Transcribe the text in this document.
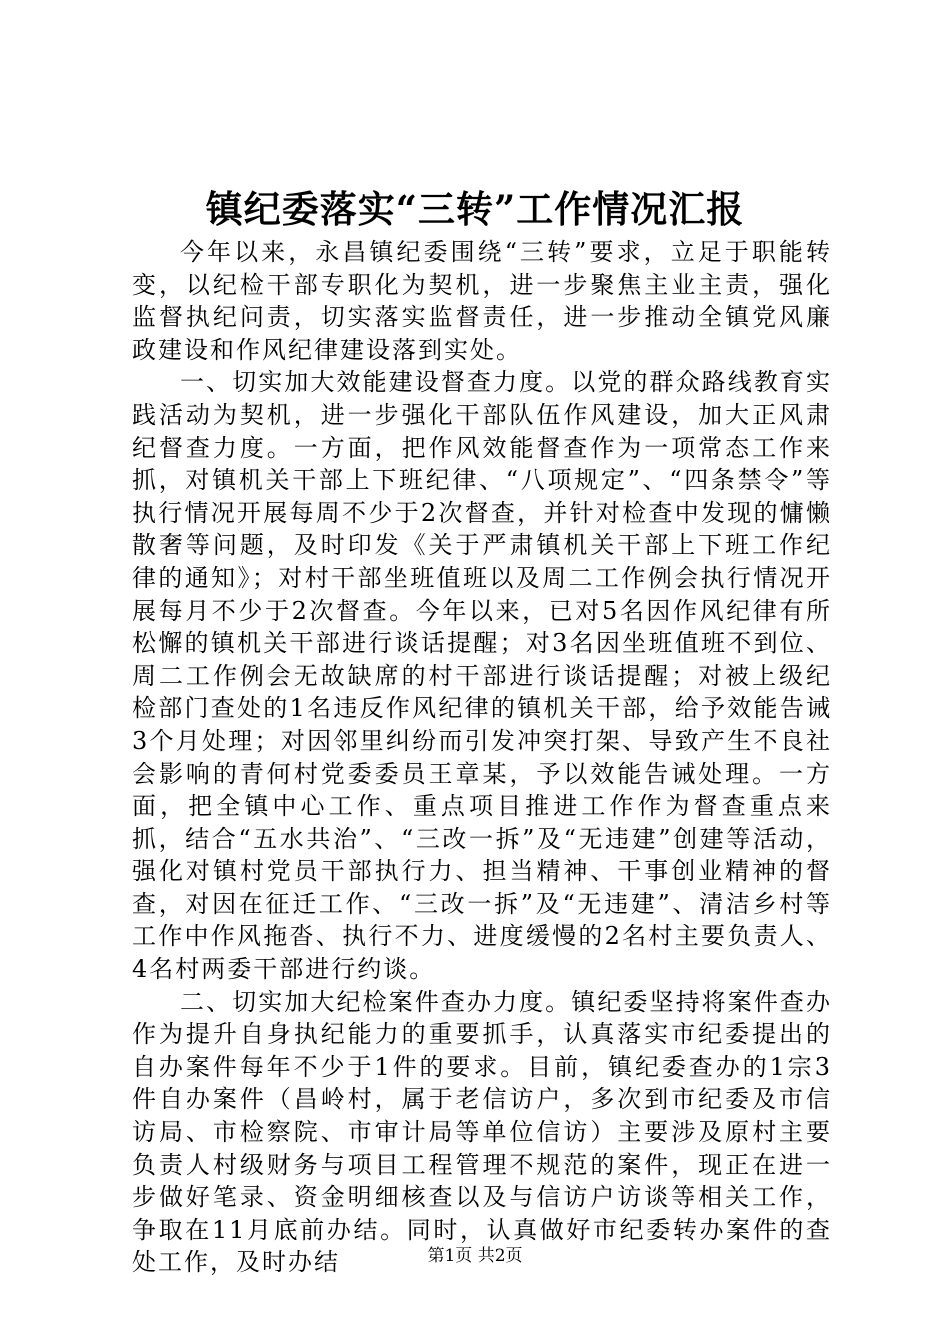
镇纪委落实“三转”工作情况汇报

今年以来，永昌镇纪委围绕“三转”要求，立足于职能转变，以纪检干部专职化为契机，进一步聚焦主业主责，强化监督执纪问责，切实落实监督责任，进一步推动全镇党风廉政建设和作风纪律建设落到实处。

一、切实加大效能建设督查力度。以党的群众路线教育实践活动为契机，进一步强化干部队伍作风建设，加大正风肃纪督查力度。一方面，把作风效能督查作为一项常态工作来抓，对镇机关干部上下班纪律、“八项规定”、“四条禁令”等执行情况开展每周不少于2次督查，并针对检查中发现的慵懒散奢等问题，及时印发《关于严肃镇机关干部上下班工作纪律的通知》；对村干部坐班值班以及周二工作例会执行情况开展每月不少于2次督查。今年以来，已对5名因作风纪律有所松懈的镇机关干部进行谈话提醒；对3名因坐班值班不到位、周二工作例会无故缺席的村干部进行谈话提醒；对被上级纪检部门查处的1名违反作风纪律的镇机关干部，给予效能告诫3个月处理；对因邻里纠纷而引发冲突打架、导致产生不良社会影响的青何村党委委员王章某，予以效能告诫处理。一方面，把全镇中心工作、重点项目推进工作作为督查重点来抓，结合“五水共治”、“三改一拆”及“无违建”创建等活动，强化对镇村党员干部执行力、担当精神、干事创业精神的督查，对因在征迁工作、“三改一拆”及“无违建”、清洁乡村等工作中作风拖沓、执行不力、进度缓慢的2名村主要负责人、4名村两委干部进行约谈。

二、切实加大纪检案件查办力度。镇纪委坚持将案件查办作为提升自身执纪能力的重要抓手，认真落实市纪委提出的自办案件每年不少于1件的要求。目前，镇纪委查办的1宗3件自办案件（昌岭村，属于老信访户，多次到市纪委及市信访局、市检察院、市审计局等单位信访）主要涉及原村主要负责人村级财务与项目工程管理不规范的案件，现正在进一步做好笔录、资金明细核查以及与信访户访谈等相关工作，争取在11月底前办结。同时，认真做好市纪委转办案件的查处工作，及时办结	第1页 共2页
